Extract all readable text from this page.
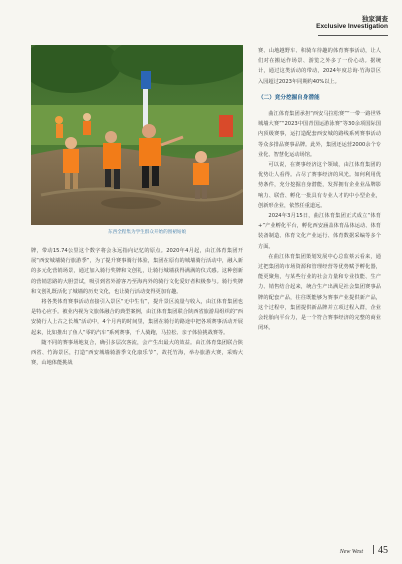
独家调查
Exclusive Investigation
东西全程集为学生群众开始的围裙姑娘

牌，带动15.74公里这个数字将会永远指向记忆的原点。2020年4月起，由江体育集团开展“西安城墙骑行旅游季”，为了提升赛事骑行体验，集团在原有的城墙骑行活动中，融入新的多元化营销场景，通过加入骑行奖牌和文创礼，让骑行城墙获得满满的仪式感。这种创新的营销思路的大胆尝试，吸引到省外游客乃至海内外的骑行文化爱好者积极参与。骑行奖牌和文创礼既活化了城墙的历史文化，也让骑行活动变得更加有趣。

将各类体育赛事活动直接引入景区“无中生有”，提升景区流量与收入，由江体育集团也是特心应手。被业内视为文旅体融合的典型案例，由江体育集团联合陕西省旅游局组织的“西安骑行人上古之长城”活动中，4个月内的时间里，集团在骑行的路途中把各项赛事活动开展起来，比如推出了鱼人“零的汽车”系列赛事，千人骑跑，马拉松、亲子体验挑战赛等。

随不同的赛事场地复合，确引多层次客流，会产生出最大的效益。由江体育集团联合陕西省、竹海景区，打造“西安城墙骑游季文化康乐节”，故托竹海，举办旅游大赛，采购大赛，山地体能挑战

赛、山地越野车、积骑车待趣的体育赛事活动，让人们对在搬运作场景、游览之外多了一份心动。据统计，通过这类活动的带动，2024年度总询·竹海景区入园超过2023年同期约40%以上。

（二）竞分挖掘自身潜能

曲江体育集团承担“西安马拉松赛”“一带一路世界城墙大赛”“2023中国青国运游泳赛”等30余项国际国内顶级赛事，运打造配套西安城的路线系列赛事活动等众多排品赛事品牌。此外，集团还运营2000余个专业化、智慧化运动场馆。

可以说，在赛事经济这个领域，由江体育集团的优势让人看得。占尽了赛事经济的风光。如何利用优势条件，充分挖掘自身潜能，发挥拥有企业业品牌影响力、联营、孵化一批具有专业人才的中小型企业，创新形企业，依然任重道远。

2024年3月15日，曲江体育集团正式成立“体育+”产业孵化平台，孵化西安涵盖体育品体运动、体育装备制造、体育文化产业运行、体育数据采编等多个方面。

在曲江体育集团策划发展中心总监蔡云看来，通过把集团的市场资源和管理经营等优势赋予孵化器，能更聚焦，与某些行业的社会力量和专业技能、生产力、销售结合起来，统合生产出满足社会集团赛事品牌的配套产品，往往既能够为赛事产业提供新产品，这个过程中，集团提供新品牌并立项过程入群，企业会轮胎向平台力，是一个符合赛事经济的完整的商业闭环。

New West 45
